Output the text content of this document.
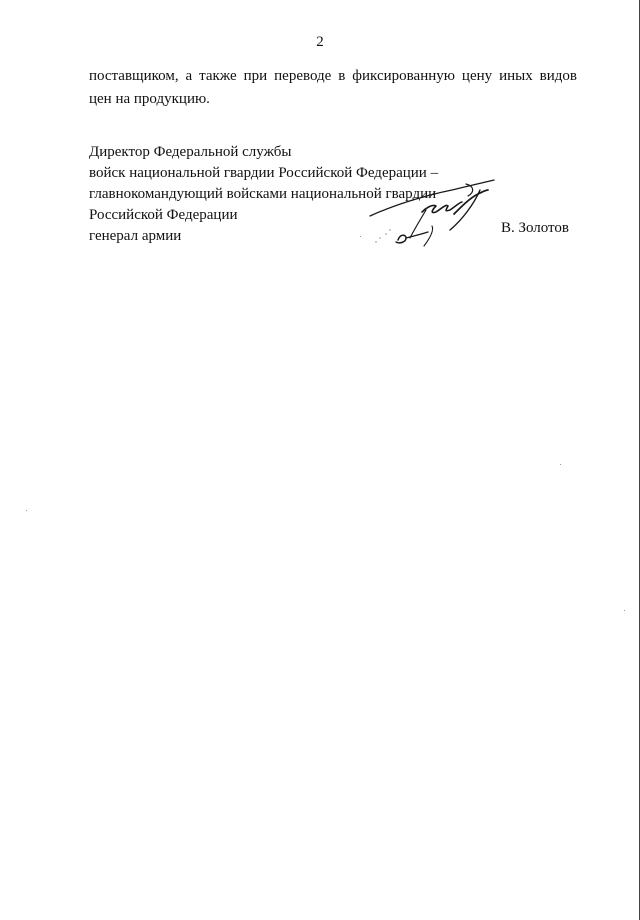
2
поставщиком, а также при переводе в фиксированную цену иных видов
цен на продукцию.
Директор Федеральной службы
войск национальной гвардии Российской Федерации –
главнокомандующий войсками национальной гвардии
Российской Федерации
генерал армии	В. Золотов
